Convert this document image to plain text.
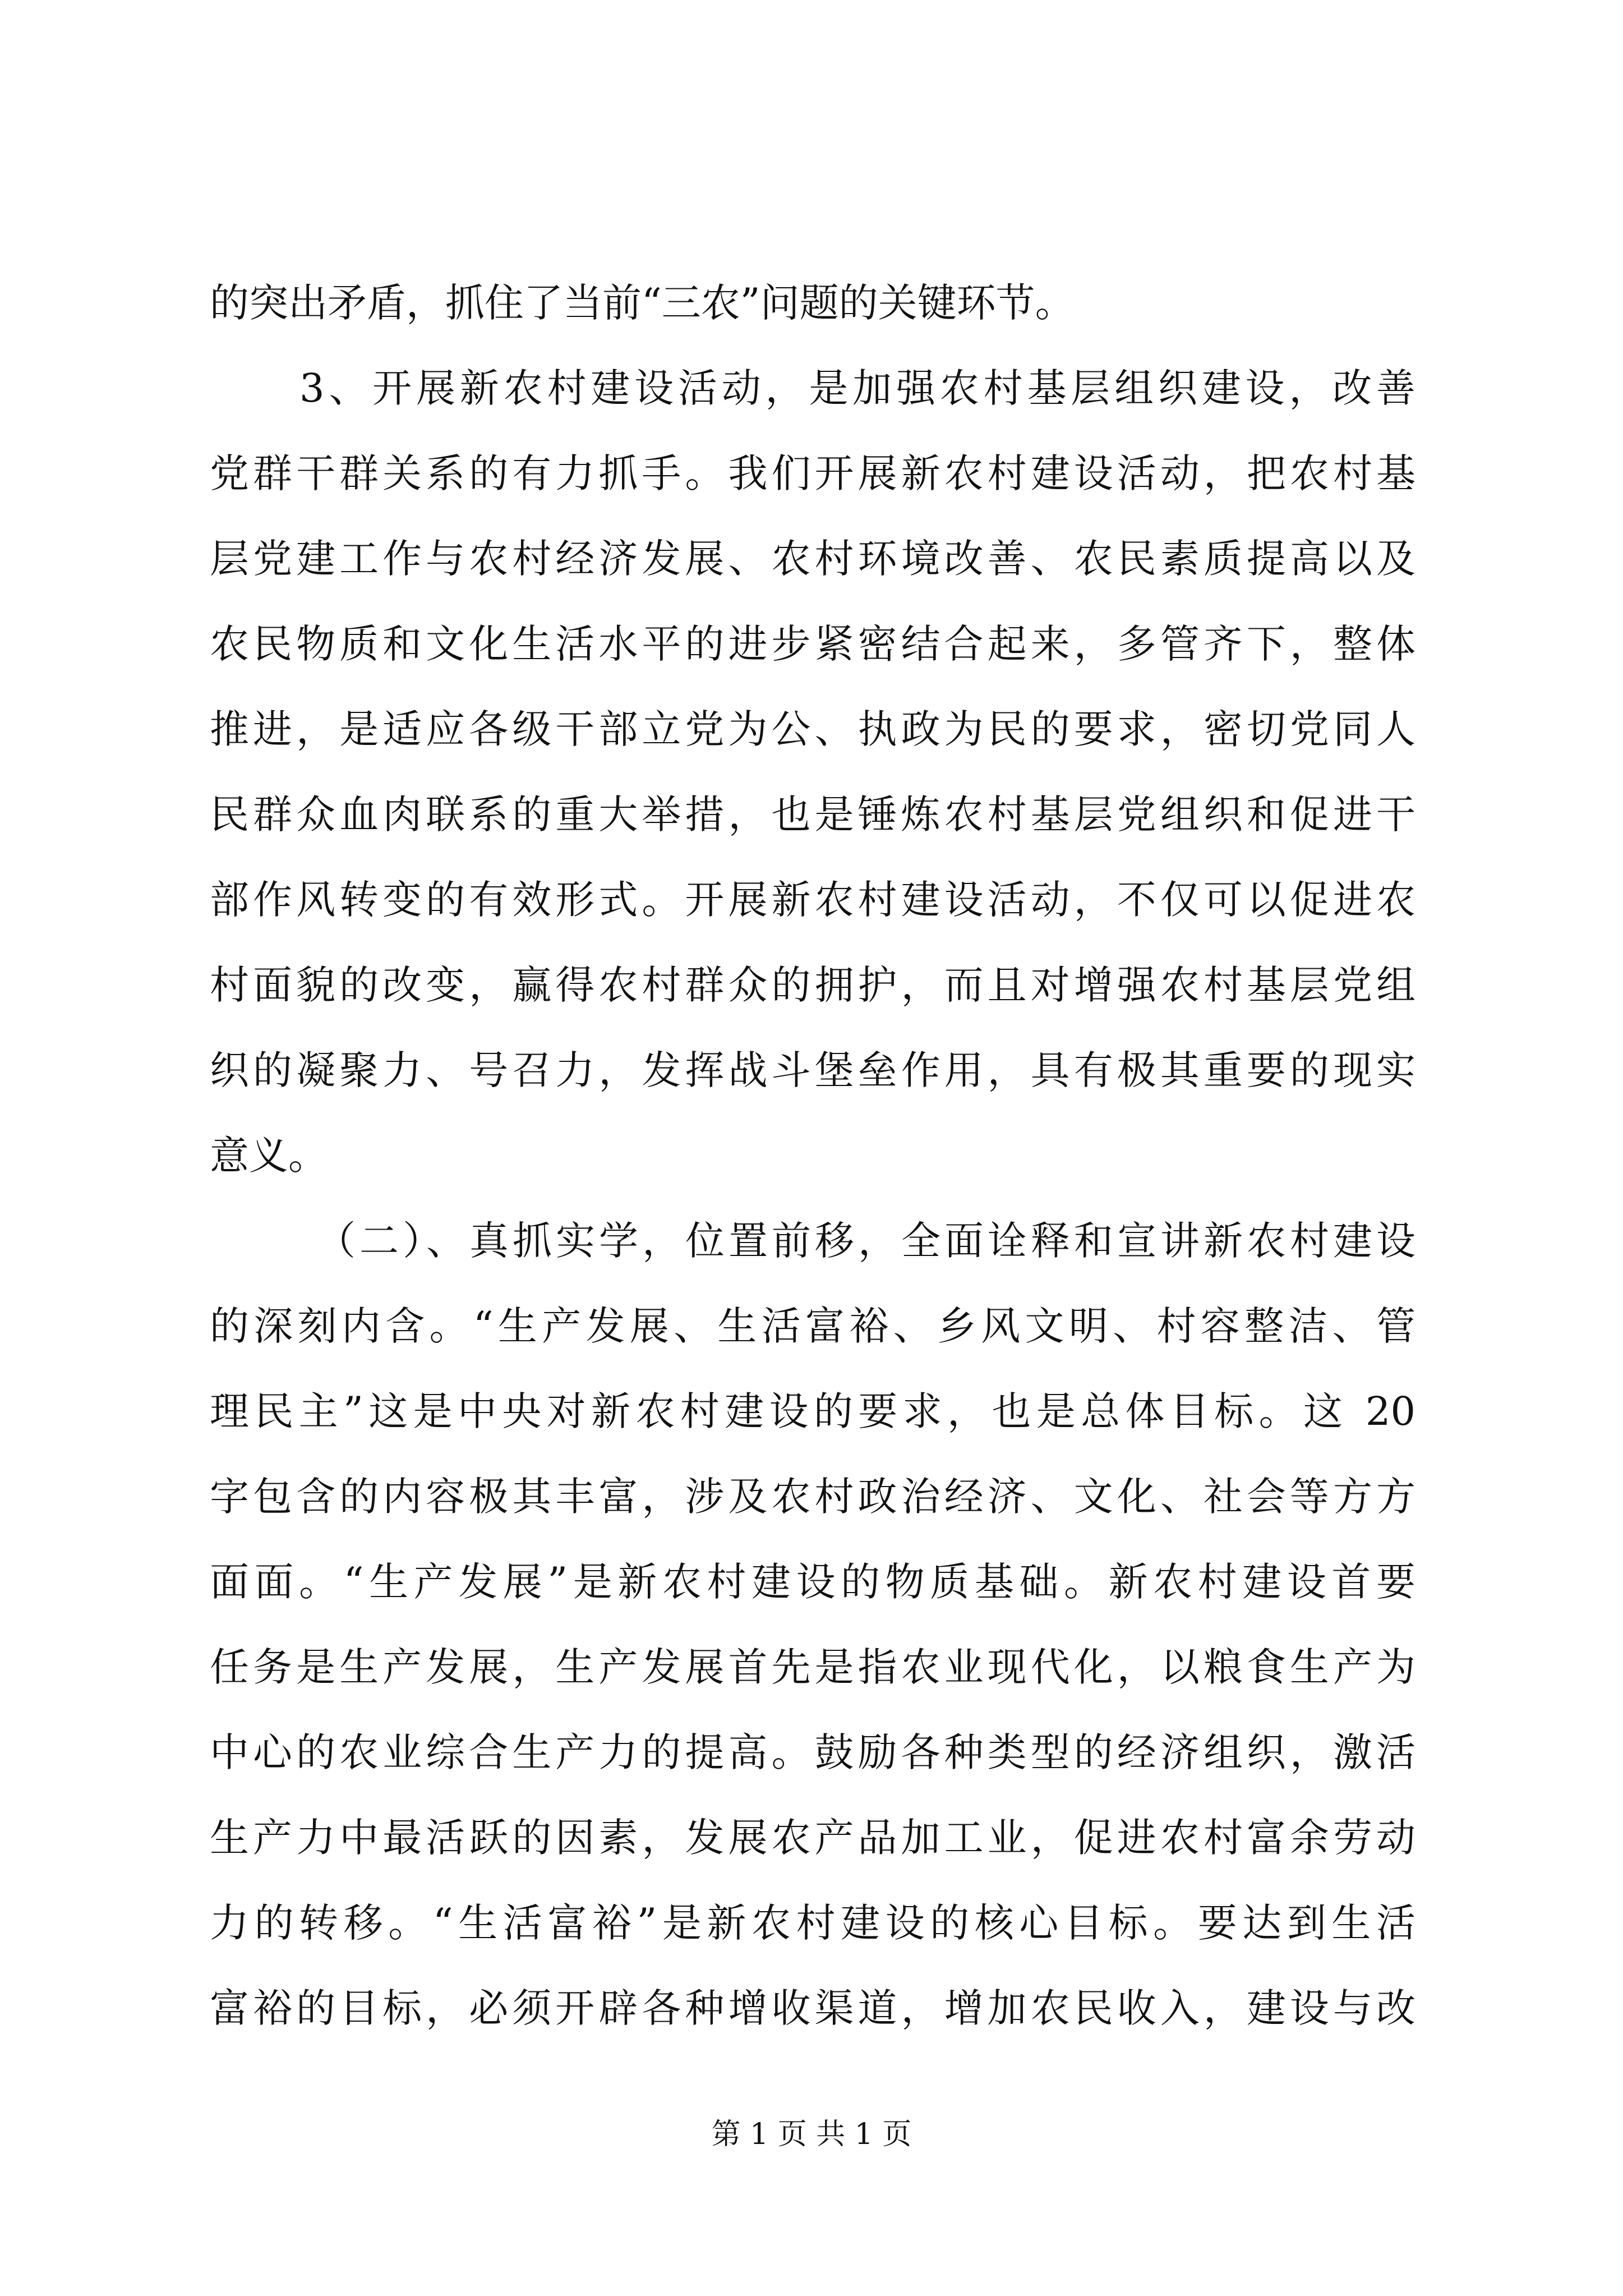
的突出矛盾，抓住了当前“三农”问题的关键环节。
3、开展新农村建设活动，是加强农村基层组织建设，改善
党群干群关系的有力抓手。我们开展新农村建设活动，把农村基
层党建工作与农村经济发展、农村环境改善、农民素质提高以及
农民物质和文化生活水平的进步紧密结合起来，多管齐下，整体
推进，是适应各级干部立党为公、执政为民的要求，密切党同人
民群众血肉联系的重大举措，也是锤炼农村基层党组织和促进干
部作风转变的有效形式。开展新农村建设活动，不仅可以促进农
村面貌的改变，赢得农村群众的拥护，而且对增强农村基层党组
织的凝聚力、号召力，发挥战斗堡垒作用，具有极其重要的现实
意义。
（二）、真抓实学，位置前移，全面诠释和宣讲新农村建设
的深刻内含。“生产发展、生活富裕、乡风文明、村容整洁、管
理民主”这是中央对新农村建设的要求，也是总体目标。这 20
字包含的内容极其丰富，涉及农村政治经济、文化、社会等方方
面面。“生产发展”是新农村建设的物质基础。新农村建设首要
任务是生产发展，生产发展首先是指农业现代化，以粮食生产为
中心的农业综合生产力的提高。鼓励各种类型的经济组织，激活
生产力中最活跃的因素，发展农产品加工业，促进农村富余劳动
力的转移。“生活富裕”是新农村建设的核心目标。要达到生活
富裕的目标，必须开辟各种增收渠道，增加农民收入，建设与改
第 1 页 共 1 页
